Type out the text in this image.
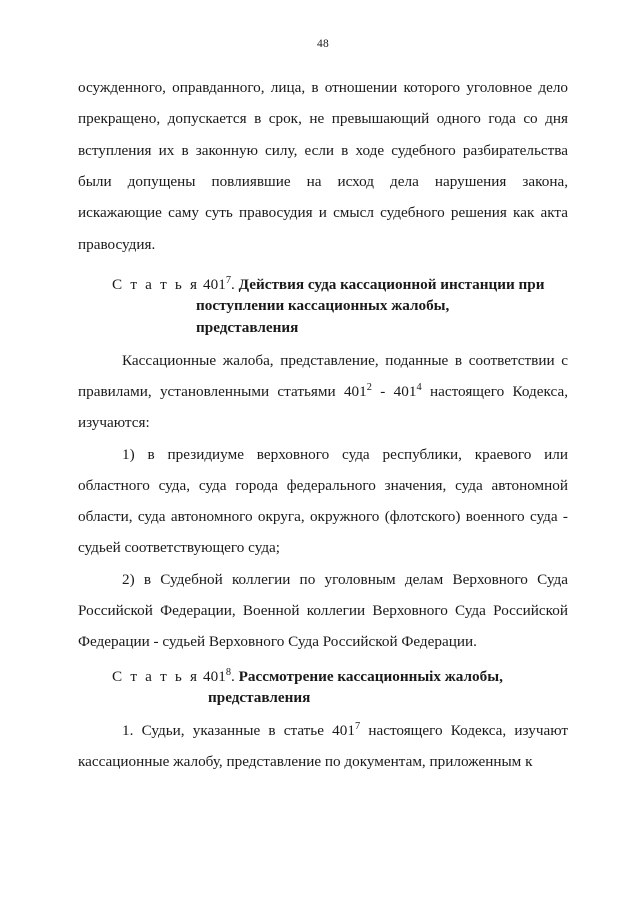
48

осужденного, оправданного, лица, в отношении которого уголовное дело прекращено, допускается в срок, не превышающий одного года со дня вступления их в законную силу, если в ходе судебного разбирательства были допущены повлиявшие на исход дела нарушения закона, искажающие саму суть правосудия и смысл судебного решения как акта правосудия.

С т а т ь я $401^7$. Действия суда кассационной инстанции при
поступлении кассационных жалобы,
представления

Кассационные жалоба, представление, поданные в соответствии с правилами, установленными статьями $401^2 - 401^4$ настоящего Кодекса, изучаются:

1) в президиуме верховного суда республики, краевого или областного суда, суда города федерального значения, суда автономной области, суда автономного округа, окружного (флотского) военного суда - судьей соответствующего суда;

2) в Судебной коллегии по уголовным делам Верховного Суда Российской Федерации, Военной коллегии Верховного Суда Российской Федерации - судьей Верховного Суда Российской Федерации.

С т а т ь я $401^8$. Рассмотрение кассационныix жалобы,
представления

1. Судьи, указанные в статье $401^7$ настоящего Кодекса, изучают кассационные жалобу, представление по документам, приложенным к
